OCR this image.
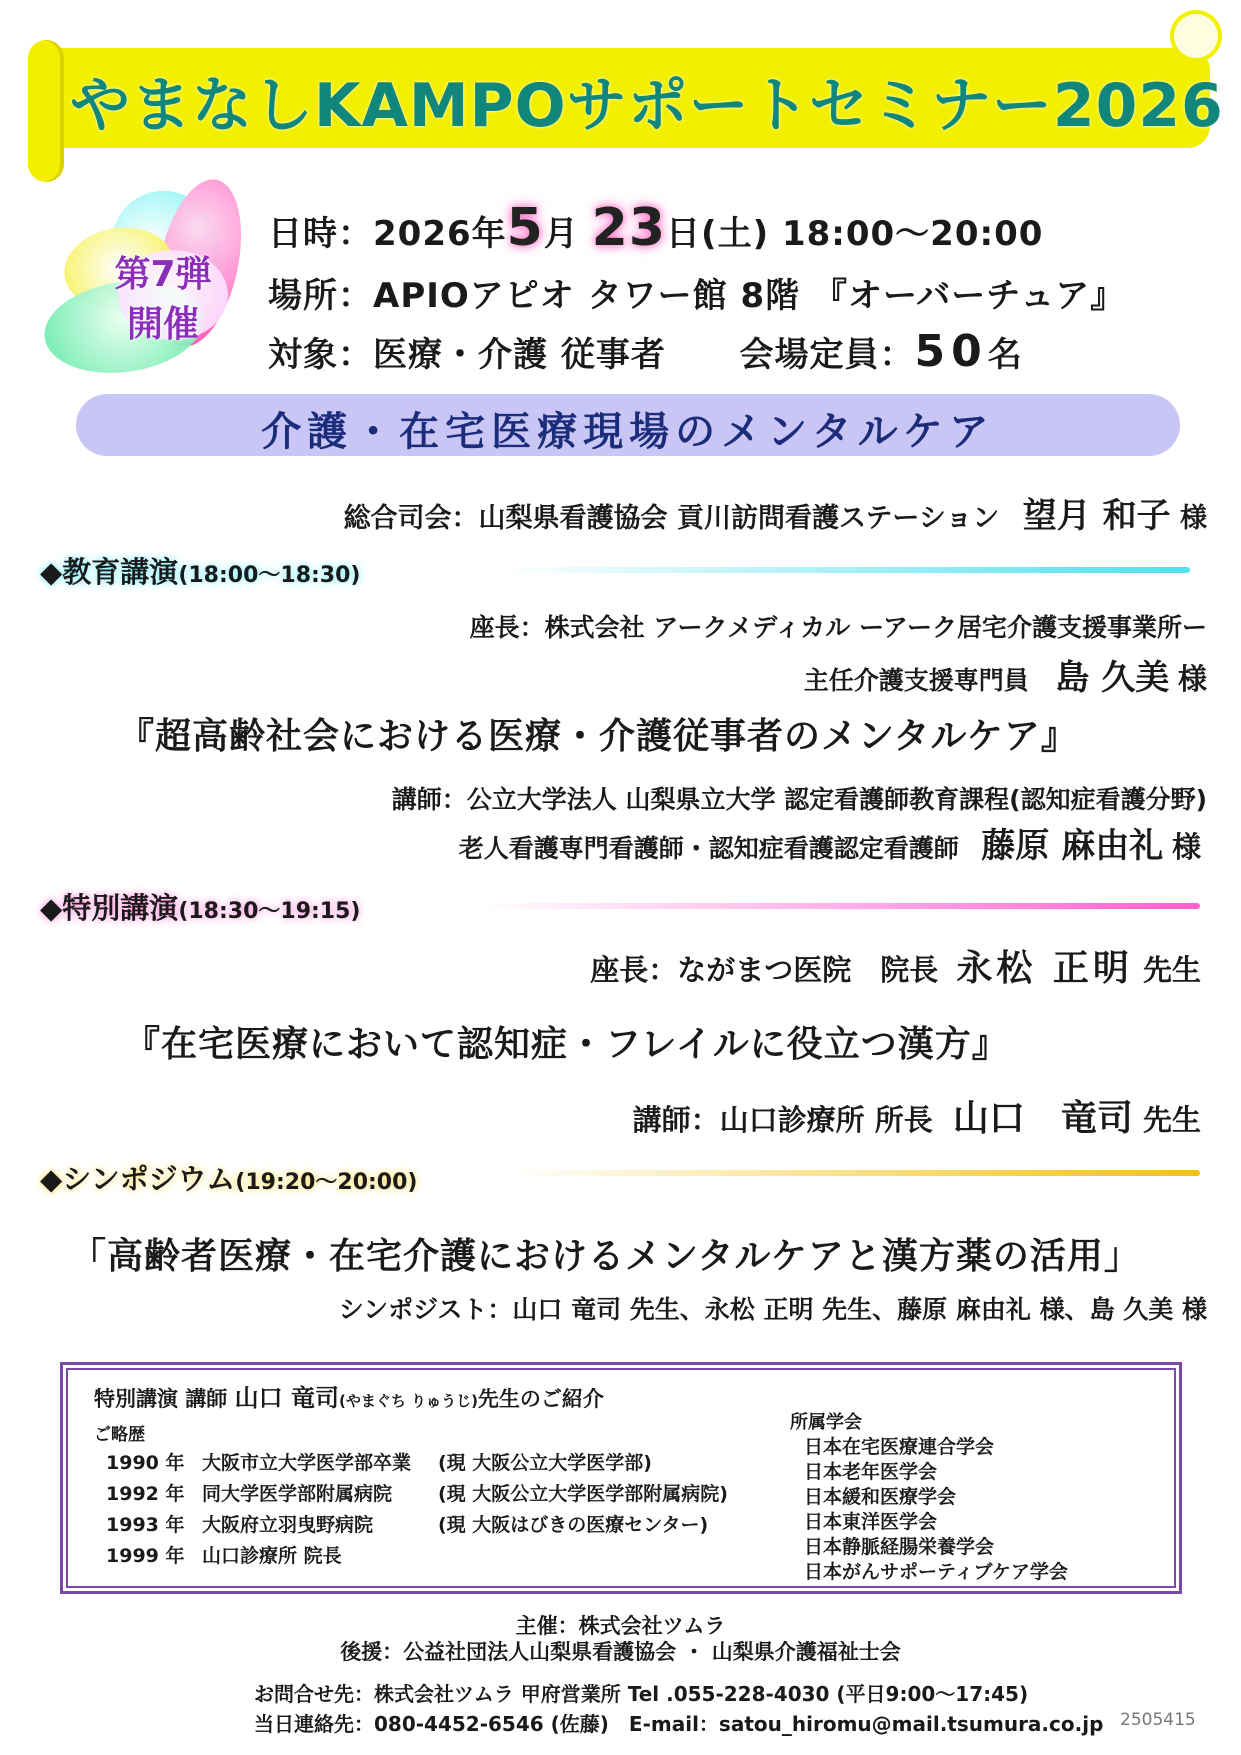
やまなしKAMPOサポートセミナー2026
第7弾
開催
日時：2026年5月 23日(土) 18:00～20:00
場所：APIOアピオ タワー館 8階 『オーバーチュア』
対象：医療・介護 従事者 会場定員：50名
介護・在宅医療現場のメンタルケア
総合司会：山梨県看護協会 貢川訪問看護ステーション 望月 和子 様
◆教育講演(18:00～18:30)
座長：株式会社 アークメディカル ーアーク居宅介護支援事業所ー
主任介護支援専門員 島 久美 様
『超高齢社会における医療・介護従事者のメンタルケア』
講師：公立大学法人 山梨県立大学 認定看護師教育課程(認知症看護分野)
老人看護専門看護師・認知症看護認定看護師 藤原 麻由礼 様
◆特別講演(18:30～19:15)
座長：ながまつ医院　院長 永松 正明 先生
『在宅医療において認知症・フレイルに役立つ漢方』
講師：山口診療所 所長 山口　竜司 先生
◆シンポジウム(19:20～20:00)
「高齢者医療・在宅介護におけるメンタルケアと漢方薬の活用」
シンポジスト：山口 竜司 先生、永松 正明 先生、藤原 麻由礼 様、島 久美 様
特別講演 講師 山口 竜司(やまぐち りゅうじ)先生のご紹介
ご略歴
1990 年 大阪市立大学医学部卒業 (現 大阪公立大学医学部)
1992 年 同大学医学部附属病院 (現 大阪公立大学医学部附属病院)
1993 年 大阪府立羽曳野病院	(現 大阪はびきの医療センター)
1999 年 山口診療所 院長
所属学会
日本在宅医療連合学会
日本老年医学会
日本緩和医療学会
日本東洋医学会
日本静脈経腸栄養学会
日本がんサポーティブケア学会
主催：株式会社ツムラ
後援：公益社団法人山梨県看護協会 ・ 山梨県介護福祉士会
お問合せ先：株式会社ツムラ 甲府営業所 Tel .055-228-4030 (平日9:00～17:45)
当日連絡先：080-4452-6546 (佐藤)　E-mail：satou_hiromu@mail.tsumura.co.jp 2505415
